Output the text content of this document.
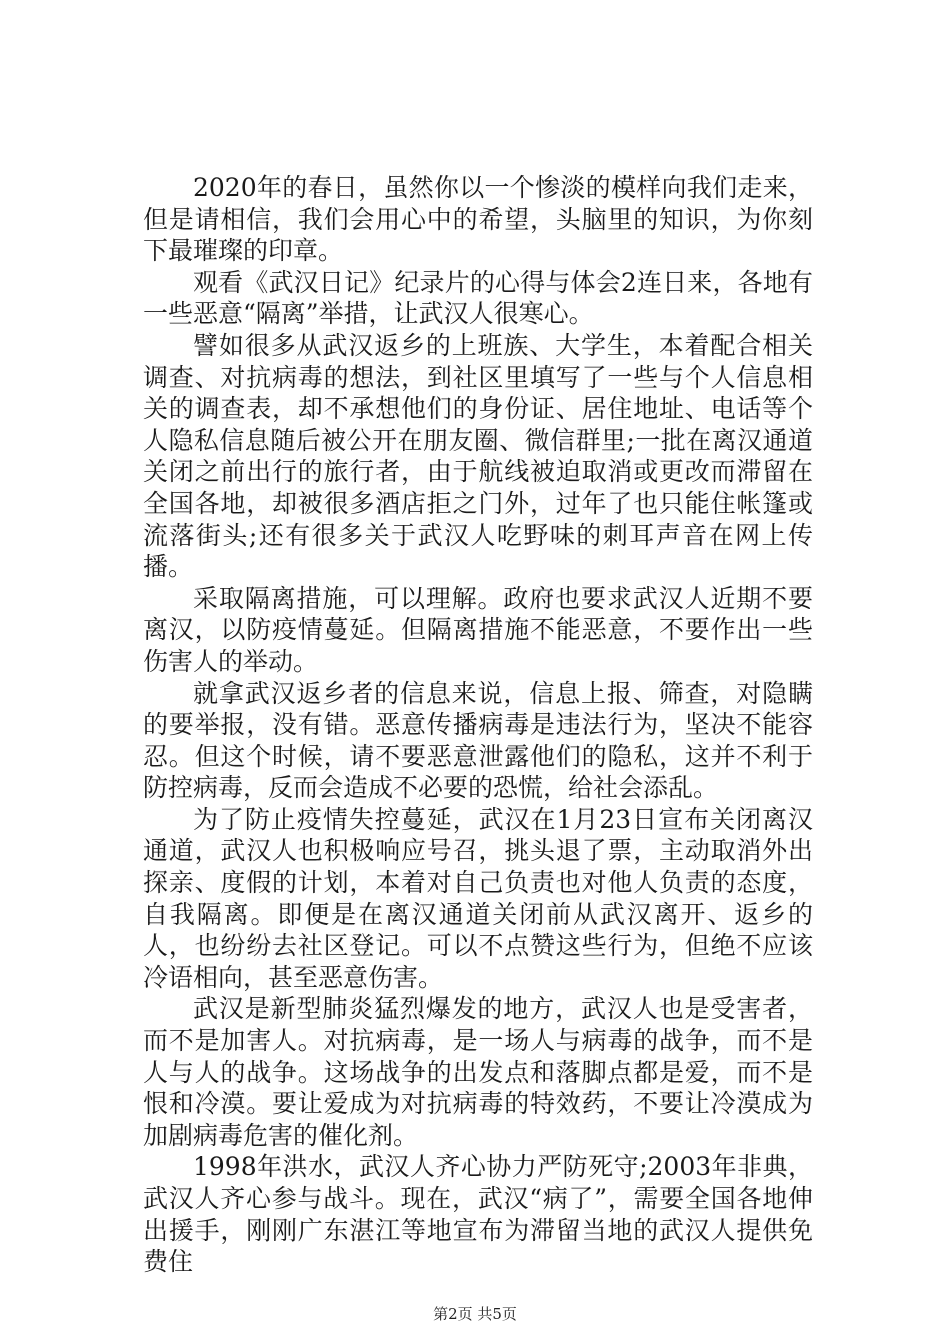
2020年的春日，虽然你以一个惨淡的模样向我们走来，但是请相信，我们会用心中的希望，头脑里的知识，为你刻下最璀璨的印章。

观看《武汉日记》纪录片的心得与体会2连日来，各地有一些恶意“隔离”举措，让武汉人很寒心。

譬如很多从武汉返乡的上班族、大学生，本着配合相关调查、对抗病毒的想法，到社区里填写了一些与个人信息相关的调查表，却不承想他们的身份证、居住地址、电话等个人隐私信息随后被公开在朋友圈、微信群里;一批在离汉通道关闭之前出行的旅行者，由于航线被迫取消或更改而滞留在全国各地，却被很多酒店拒之门外，过年了也只能住帐篷或流落街头;还有很多关于武汉人吃野味的刺耳声音在网上传播。

采取隔离措施，可以理解。政府也要求武汉人近期不要离汉，以防疫情蔓延。但隔离措施不能恶意，不要作出一些伤害人的举动。

就拿武汉返乡者的信息来说，信息上报、筛查，对隐瞒的要举报，没有错。恶意传播病毒是违法行为，坚决不能容忍。但这个时候，请不要恶意泄露他们的隐私，这并不利于防控病毒，反而会造成不必要的恐慌，给社会添乱。

为了防止疫情失控蔓延，武汉在1月23日宣布关闭离汉通道，武汉人也积极响应号召，挑头退了票，主动取消外出探亲、度假的计划，本着对自己负责也对他人负责的态度，自我隔离。即便是在离汉通道关闭前从武汉离开、返乡的人，也纷纷去社区登记。可以不点赞这些行为，但绝不应该冷语相向，甚至恶意伤害。

武汉是新型肺炎猛烈爆发的地方，武汉人也是受害者，而不是加害人。对抗病毒，是一场人与病毒的战争，而不是人与人的战争。这场战争的出发点和落脚点都是爱，而不是恨和冷漠。要让爱成为对抗病毒的特效药，不要让冷漠成为加剧病毒危害的催化剂。

1998年洪水，武汉人齐心协力严防死守;2003年非典，武汉人齐心参与战斗。现在，武汉“病了”，需要全国各地伸出援手，刚刚广东湛江等地宣布为滞留当地的武汉人提供免费住

第2页 共5页
